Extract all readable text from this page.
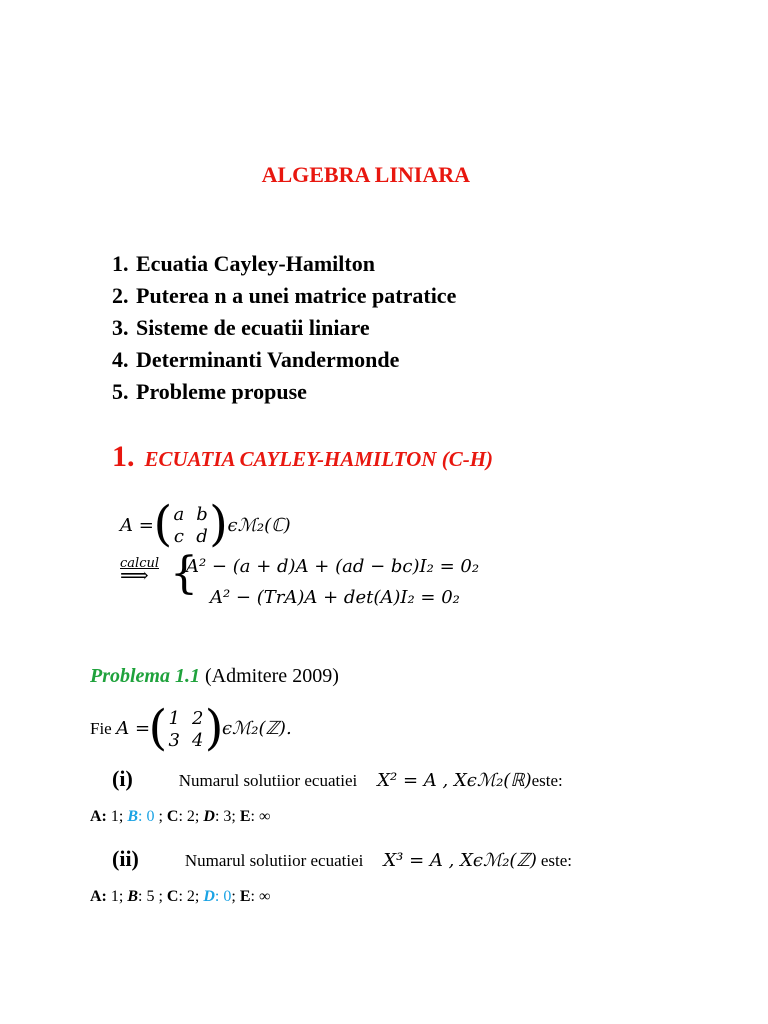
ALGEBRA LINIARA
1. Ecuatia Cayley-Hamilton
2. Puterea n a unei matrice patratice
3. Sisteme de ecuatii liniare
4. Determinanti Vandermonde
5. Probleme propuse
1. ECUATIA CAYLEY-HAMILTON (C-H)
A = ( a	b
c	d ) ϵℳ₂(ℂ)
calcul
⟹ {
A² − (a + d)A + (ad − bc)I₂ = 0₂
A² − (TrA)A + det(A)I₂ = 0₂
Problema 1.1 (Admitere 2009)
Fie A =
( 1	2
3	4 )
ϵℳ₂(ℤ).
(i)	Numarul solutiior ecuatiei X² = A , Xϵℳ₂(ℝ)este:
A: 1; B: 0 ; C: 2; D: 3; E: ∞
(ii)	Numarul solutiior ecuatiei X³ = A , Xϵℳ₂(ℤ) este:
A: 1; B: 5 ; C: 2; D: 0; E: ∞
